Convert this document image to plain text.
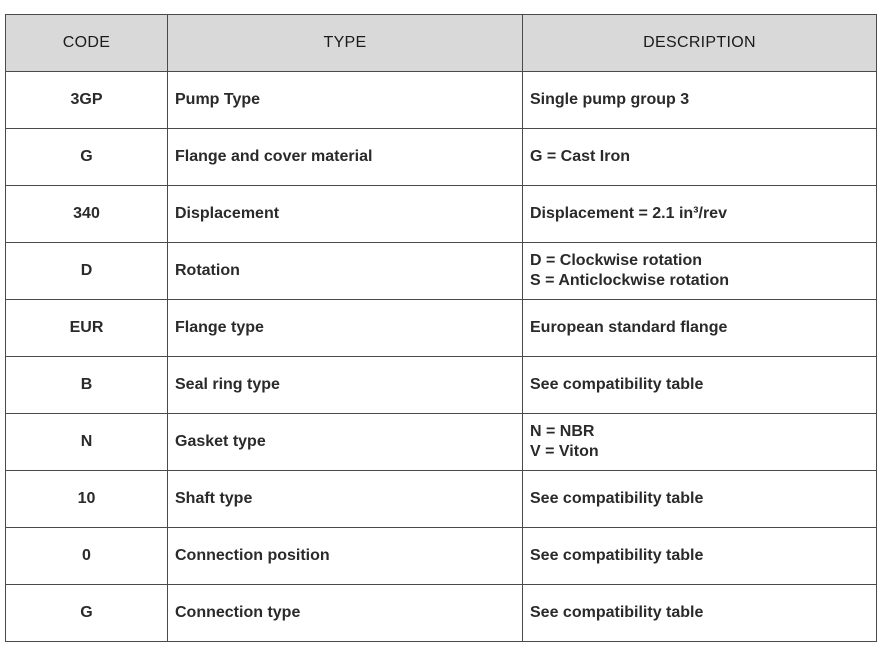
CODE	TYPE	DESCRIPTION
3GP	Pump Type	Single pump group 3

G	Flange and cover material	G = Cast Iron

340	Displacement	Displacement = 2.1 in³/rev

D	Rotation	D = Clockwise rotation
S = Anticlockwise rotation

EUR	Flange type	European standard flange

B	Seal ring type	See compatibility table

N	Gasket type	N = NBR
V = Viton

10	Shaft type	See compatibility table

0	Connection position	See compatibility table

G	Connection type	See compatibility table
